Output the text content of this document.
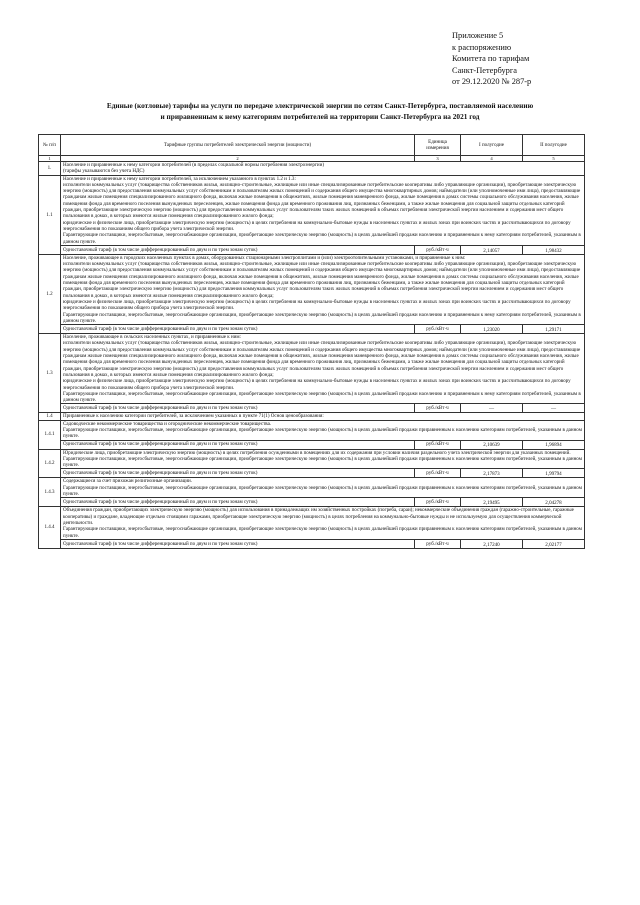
Приложение 5
к распоряжению
Комитета по тарифам
Санкт-Петербурга
от 29.12.2020 № 287-р
Единые (котловые) тарифы на услуги по передаче электрической энергии по сетям Санкт-Петербурга, поставляемой населению
и приравненным к нему категориям потребителей на территории Санкт-Петербурга на 2021 год
№ п/п	Тарифные группы потребителей электрической энергии (мощности)	Единица измерения	I полугодие	II полугодие
1	2	3	4	5
1.	Население и приравненные к нему категории потребителей (в пределах социальной нормы потребления электроэнергии)
(тарифы указываются без учета НДС)			

1.1	Население и приравненные к нему категории потребителей, за исключением указанного в пунктах 1.2 и 1.3:
исполнители коммунальных услуг (товарищества собственников жилья, жилищно-строительные, жилищные или иные специализированные потребительские кооперативы либо управляющие организации), приобретающие электрическую энергию (мощность) для предоставления коммунальных услуг собственникам и пользователям жилых помещений и содержания общего имущества многоквартирных домов; наймодатели (или уполномоченные ими лица), предоставляющие гражданам жилые помещения специализированного жилищного фонда, включая жилые помещения в общежитиях, жилые помещения маневренного фонда, жилые помещения в домах системы социального обслуживания населения, жилые помещения фонда для временного поселения вынужденных переселенцев, жилые помещения фонда для временного проживания лиц, признанных беженцами, а также жилые помещения для социальной защиты отдельных категорий граждан, приобретающие электрическую энергию (мощность) для предоставления коммунальных услуг пользователям таких жилых помещений в объемах потребления электрической энергии населением и содержания мест общего пользования в домах, в которых имеются жилые помещения специализированного жилого фонда;
юридические и физические лица, приобретающие электрическую энергию (мощность) в целях потребления на коммунально-бытовые нужды в населенных пунктах и жилых зонах при воинских частях и рассчитывающихся по договору энергоснабжения по показаниям общего прибора учета электрической энергии.
Гарантирующие поставщики, энергосбытовые, энергоснабжающие организации, приобретающие электрическую энергию (мощность) в целях дальнейшей продажи населению и приравненным к нему категориям потребителей, указанным в данном пункте.			

	Одноставочный тариф (в том числе дифференцированный по двум и по трем зонам суток)	руб./кВт·ч	2,14057	1,98432
1.2	Население, проживающее в городских населенных пунктах в домах, оборудованных стационарными электроплитами и (или) электроотопительными установками, и приравненные к ним:
исполнители коммунальных услуг (товарищества собственников жилья, жилищно-строительные, жилищные или иные специализированные потребительские кооперативы либо управляющие организации), приобретающие электрическую энергию (мощность) для предоставления коммунальных услуг собственникам и пользователям жилых помещений и содержания общего имущества многоквартирных домов; наймодатели (или уполномоченные ими лица), предоставляющие гражданам жилые помещения специализированного жилищного фонда, включая жилые помещения в общежитиях, жилые помещения маневренного фонда, жилые помещения в домах системы социального обслуживания населения, жилые помещения фонда для временного поселения вынужденных переселенцев, жилые помещения фонда для временного проживания лиц, признанных беженцами, а также жилые помещения для социальной защиты отдельных категорий граждан, приобретающие электрическую энергию (мощность) для предоставления коммунальных услуг пользователям таких жилых помещений в объемах потребления электрической энергии населением и содержания мест общего пользования в домах, в которых имеются жилые помещения специализированного жилого фонда;
юридические и физические лица, приобретающие электрическую энергию (мощность) в целях потребления на коммунально-бытовые нужды в населенных пунктах и жилых зонах при воинских частях и рассчитывающихся по договору энергоснабжения по показаниям общего прибора учета электрической энергии.
Гарантирующие поставщики, энергосбытовые, энергоснабжающие организации, приобретающие электрическую энергию (мощность) в целях дальнейшей продажи населению и приравненным к нему категориям потребителей, указанным в данном пункте.			

	Одноставочный тариф (в том числе дифференцированный по двум и по трем зонам суток)	руб./кВт·ч	1,23020	1,29171
1.3	Население, проживающее в сельских населенных пунктах, и приравненные к ним:
исполнители коммунальных услуг (товарищества собственников жилья, жилищно-строительные, жилищные или иные специализированные потребительские кооперативы либо управляющие организации), приобретающие электрическую энергию (мощность) для предоставления коммунальных услуг собственникам и пользователям жилых помещений и содержания общего имущества многоквартирных домов; наймодатели (или уполномоченные ими лица), предоставляющие гражданам жилые помещения специализированного жилищного фонда, включая жилые помещения в общежитиях, жилые помещения маневренного фонда, жилые помещения в домах системы социального обслуживания населения, жилые помещения фонда для временного поселения вынужденных переселенцев, жилые помещения фонда для временного проживания лиц, признанных беженцами, а также жилые помещения для социальной защиты отдельных категорий граждан, приобретающие электрическую энергию (мощность) для предоставления коммунальных услуг пользователям таких жилых помещений в объемах потребления электрической энергии населением и содержания мест общего пользования в домах, в которых имеются жилые помещения специализированного жилого фонда;
юридические и физические лица, приобретающие электрическую энергию (мощность) в целях потребления на коммунально-бытовые нужды в населенных пунктах и жилых зонах при воинских частях и рассчитывающихся по договору энергоснабжения по показаниям общего прибора учета электрической энергии.
Гарантирующие поставщики, энергосбытовые, энергоснабжающие организации, приобретающие электрическую энергию (мощность) в целях дальнейшей продажи населению и приравненным к нему категориям потребителей, указанным в данном пункте.			

	Одноставочный тариф (в том числе дифференцированный по двум и по трем зонам суток)	руб./кВт·ч	—	—
1.4	Приравненные к населению категории потребителей, за исключением указанных в пункте 71(1) Основ ценообразования:			
1.4.1	Садоводческие некоммерческие товарищества и огороднические некоммерческие товарищества.
Гарантирующие поставщики, энергосбытовые, энергоснабжающие организации, приобретающие электрическую энергию (мощность) в целях дальнейшей продажи приравненным к населению категориям потребителей, указанным в данном пункте.			

	Одноставочный тариф (в том числе дифференцированный по двум и по трем зонам суток)	руб./кВт·ч	2,10639	1,96894
1.4.2	Юридические лица, приобретающие электрическую энергию (мощность) в целях потребления осужденными в помещениях для их содержания при условии наличия раздельного учета электрической энергии для указанных помещений.
Гарантирующие поставщики, энергосбытовые, энергоснабжающие организации, приобретающие электрическую энергию (мощность) в целях дальнейшей продажи приравненным к населению категориям потребителей, указанным в данном пункте.			

	Одноставочный тариф (в том числе дифференцированный по двум и по трем зонам суток)	руб./кВт·ч	2,17873	1,99794
1.4.3	Содержащиеся за счет прихожан религиозные организации.
Гарантирующие поставщики, энергосбытовые, энергоснабжающие организации, приобретающие электрическую энергию (мощность) в целях дальнейшей продажи приравненным к населению категориям потребителей, указанным в данном пункте.			

	Одноставочный тариф (в том числе дифференцированный по двум и по трем зонам суток)	руб./кВт·ч	2,19495	2,04278
1.4.4	Объединения граждан, приобретающих электрическую энергию (мощность) для использования в принадлежащих им хозяйственных постройках (погреба, сараи); некоммерческие объединения граждан (гаражно-строительные, гаражные кооперативы) и граждане, владеющие отдельно стоящими гаражами, приобретающие электрическую энергию (мощность) в целях потребления на коммунально-бытовые нужды и не используемую для осуществления коммерческой деятельности.
Гарантирующие поставщики, энергосбытовые, энергоснабжающие организации, приобретающие электрическую энергию (мощность) в целях дальнейшей продажи приравненным к населению категориям потребителей, указанным в данном пункте.			

	Одноставочный тариф (в том числе дифференцированный по двум и по трем зонам суток)	руб./кВт·ч	2,17240	2,02177
